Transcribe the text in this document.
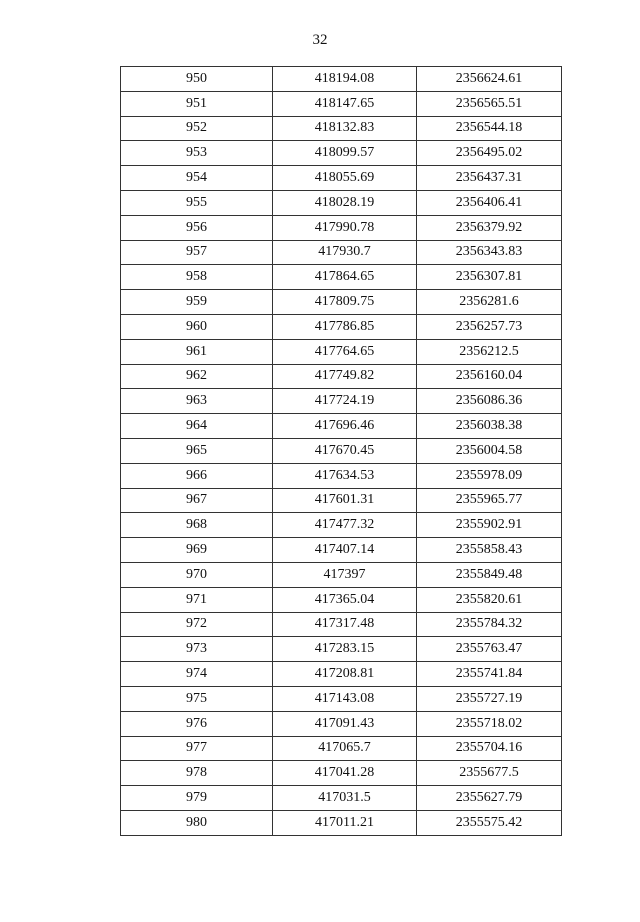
32
950	418194.08	2356624.61
951	418147.65	2356565.51
952	418132.83	2356544.18
953	418099.57	2356495.02
954	418055.69	2356437.31
955	418028.19	2356406.41
956	417990.78	2356379.92
957	417930.7	2356343.83
958	417864.65	2356307.81
959	417809.75	2356281.6
960	417786.85	2356257.73
961	417764.65	2356212.5
962	417749.82	2356160.04
963	417724.19	2356086.36
964	417696.46	2356038.38
965	417670.45	2356004.58
966	417634.53	2355978.09
967	417601.31	2355965.77
968	417477.32	2355902.91
969	417407.14	2355858.43
970	417397	2355849.48
971	417365.04	2355820.61
972	417317.48	2355784.32
973	417283.15	2355763.47
974	417208.81	2355741.84
975	417143.08	2355727.19
976	417091.43	2355718.02
977	417065.7	2355704.16
978	417041.28	2355677.5
979	417031.5	2355627.79
980	417011.21	2355575.42
